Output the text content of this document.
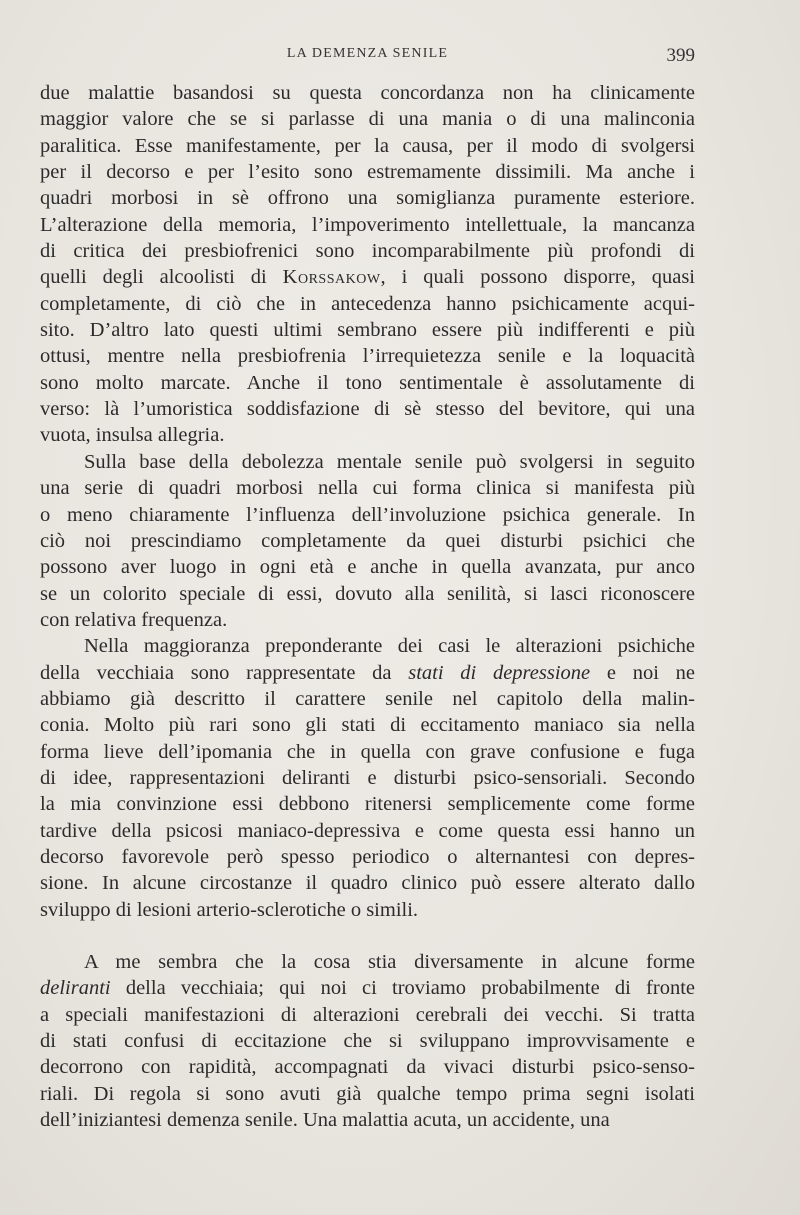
LA DEMENZA SENILE	399

due malattie basandosi su questa concordanza non ha clinicamente
maggior valore che se si parlasse di una mania o di una malinconia
paralitica. Esse manifestamente, per la causa, per il modo di svolgersi
per il decorso e per l’esito sono estremamente dissimili. Ma anche i
quadri morbosi in sè offrono una somiglianza puramente esteriore.
L’alterazione della memoria, l’impoverimento intellettuale, la mancanza
di critica dei presbiofrenici sono incomparabilmente più profondi di
quelli degli alcoolisti di Korssakow, i quali possono disporre, quasi
completamente, di ciò che in antecedenza hanno psichicamente acqui-
sito. D’altro lato questi ultimi sembrano essere più indifferenti e più
ottusi, mentre nella presbiofrenia l’irrequietezza senile e la loquacità
sono molto marcate. Anche il tono sentimentale è assolutamente di
verso: là l’umoristica soddisfazione di sè stesso del bevitore, qui una
vuota, insulsa allegria.

Sulla base della debolezza mentale senile può svolgersi in seguito
una serie di quadri morbosi nella cui forma clinica si manifesta più
o meno chiaramente l’influenza dell’involuzione psichica generale. In
ciò noi prescindiamo completamente da quei disturbi psichici che
possono aver luogo in ogni età e anche in quella avanzata, pur anco
se un colorito speciale di essi, dovuto alla senilità, si lasci riconoscere
con relativa frequenza.

Nella maggioranza preponderante dei casi le alterazioni psichiche
della vecchiaia sono rappresentate da stati di depressione e noi ne
abbiamo già descritto il carattere senile nel capitolo della malin-
conia. Molto più rari sono gli stati di eccitamento maniaco sia nella
forma lieve dell’ipomania che in quella con grave confusione e fuga
di idee, rappresentazioni deliranti e disturbi psico-sensoriali. Secondo
la mia convinzione essi debbono ritenersi semplicemente come forme
tardive della psicosi maniaco-depressiva e come questa essi hanno un
decorso favorevole però spesso periodico o alternantesi con depres-
sione. In alcune circostanze il quadro clinico può essere alterato dallo
sviluppo di lesioni arterio-sclerotiche o simili.

A me sembra che la cosa stia diversamente in alcune forme
deliranti della vecchiaia; qui noi ci troviamo probabilmente di fronte
a speciali manifestazioni di alterazioni cerebrali dei vecchi. Si tratta
di stati confusi di eccitazione che si sviluppano improvvisamente e
decorrono con rapidità, accompagnati da vivaci disturbi psico-senso-
riali. Di regola si sono avuti già qualche tempo prima segni isolati
dell’iniziantesi demenza senile. Una malattia acuta, un accidente, una
